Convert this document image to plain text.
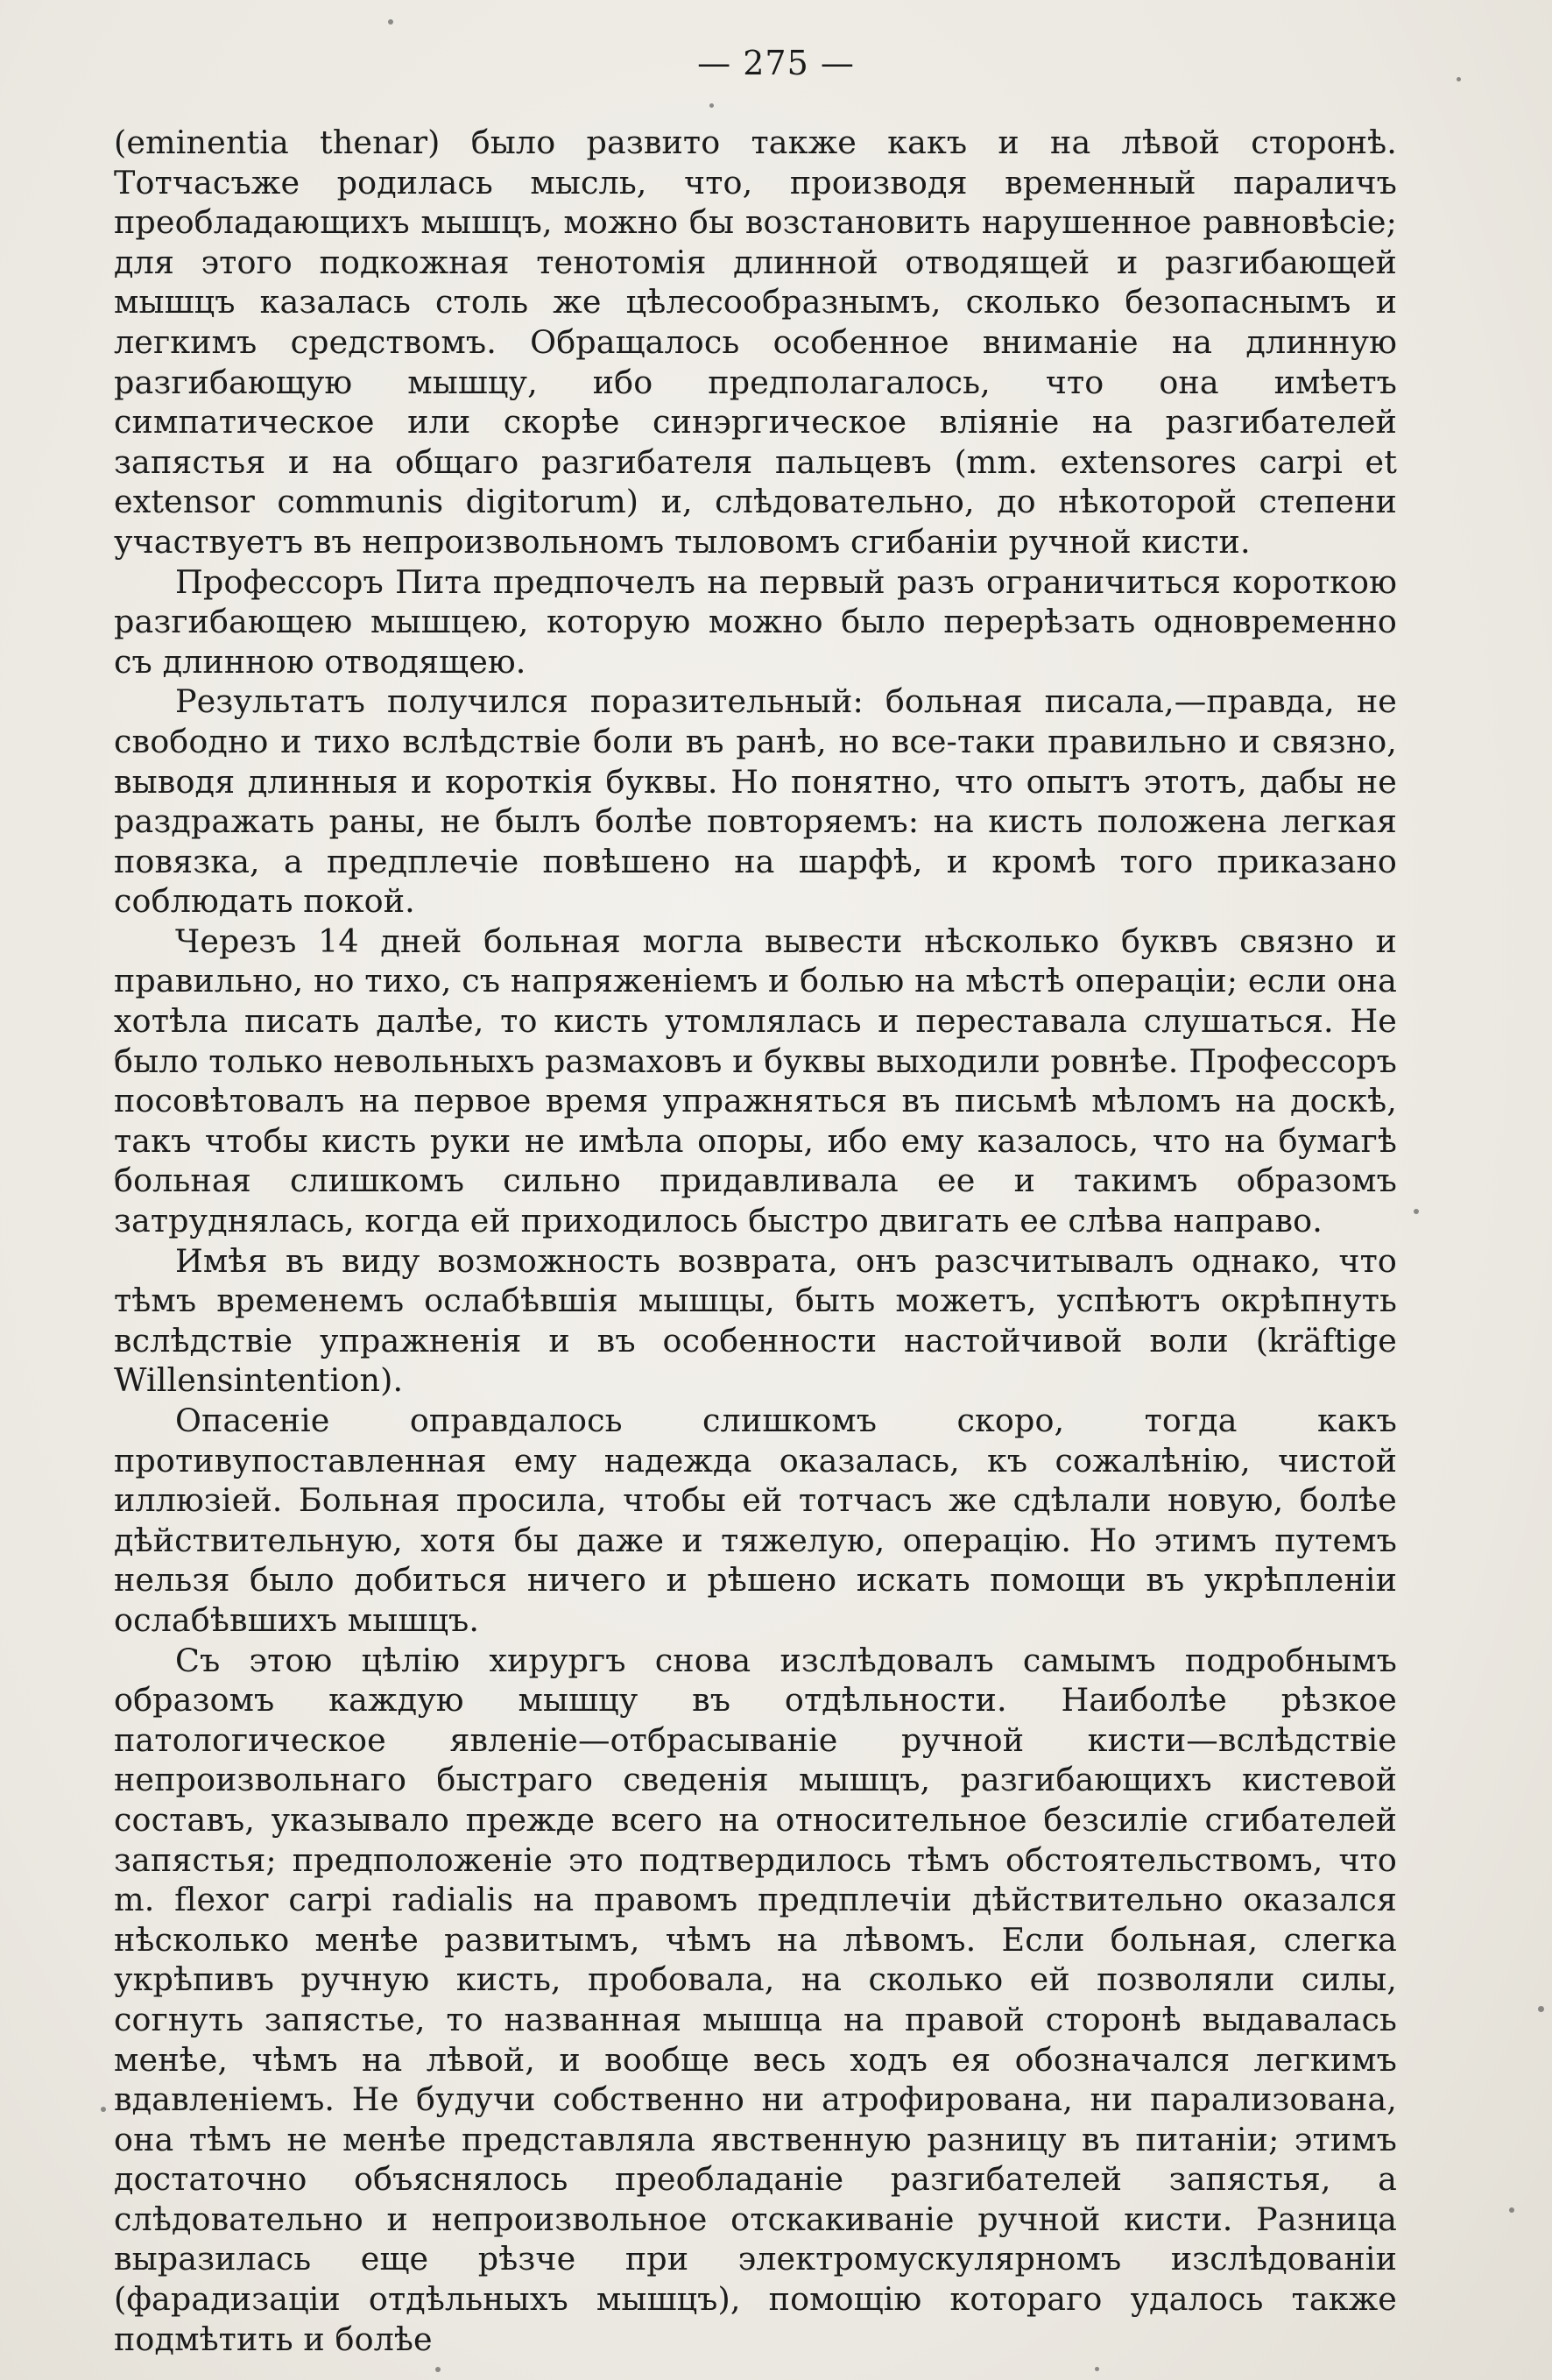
— 275 —

(eminentia thenar) было развито также какъ и на лѣвой сторонѣ. Тотчасъже родилась мысль, что, производя временный параличъ преобладающихъ мышцъ, можно бы возстановить нарушенное равновѣсіе; для этого подкожная тенотомія длинной отводящей и разгибающей мышцъ казалась столь же цѣлесообразнымъ, сколько безопаснымъ и легкимъ средствомъ. Обращалось особенное вниманіе на длинную разгибающую мышцу, ибо предполагалось, что она имѣетъ симпатическое или скорѣе синэргическое вліяніе на разгибателей запястья и на общаго разгибателя пальцевъ (mm. extensores carpi et extensor communis digitorum) и, слѣдовательно, до нѣкоторой степени участвуетъ въ непроизвольномъ тыловомъ сгибаніи ручной кисти.

Профессоръ Пита предпочелъ на первый разъ ограничиться короткою разгибающею мышцею, которую можно было перерѣзать одновременно съ длинною отводящею.

Результатъ получился поразительный: больная писала,—правда, не свободно и тихо вслѣдствіе боли въ ранѣ, но все-таки правильно и связно, выводя длинныя и короткія буквы. Но понятно, что опытъ этотъ, дабы не раздражать раны, не былъ болѣе повторяемъ: на кисть положена легкая повязка, а предплечіе повѣшено на шарфѣ, и кромѣ того приказано соблюдать покой.

Черезъ 14 дней больная могла вывести нѣсколько буквъ связно и правильно, но тихо, съ напряженіемъ и болью на мѣстѣ операціи; если она хотѣла писать далѣе, то кисть утомлялась и переставала слушаться. Не было только невольныхъ размаховъ и буквы выходили ровнѣе. Профессоръ посовѣтовалъ на первое время упражняться въ письмѣ мѣломъ на доскѣ, такъ чтобы кисть руки не имѣла опоры, ибо ему казалось, что на бумагѣ больная слишкомъ сильно придавливала ее и такимъ образомъ затруднялась, когда ей приходилось быстро двигать ее слѣва направо.

Имѣя въ виду возможность возврата, онъ разсчитывалъ однако, что тѣмъ временемъ ослабѣвшія мышцы, быть можетъ, успѣютъ окрѣпнуть вслѣдствіе упражненія и въ особенности настойчивой воли (kräftige Willensintention).

Опасеніе оправдалось слишкомъ скоро, тогда какъ противупоставленная ему надежда оказалась, къ сожалѣнію, чистой иллюзіей. Больная просила, чтобы ей тотчасъ же сдѣлали новую, болѣе дѣйствительную, хотя бы даже и тяжелую, операцію. Но этимъ путемъ нельзя было добиться ничего и рѣшено искать помощи въ укрѣпленіи ослабѣвшихъ мышцъ.

Съ этою цѣлію хирургъ снова изслѣдовалъ самымъ подробнымъ образомъ каждую мышцу въ отдѣльности. Наиболѣе рѣзкое патологическое явленіе—отбрасываніе ручной кисти—вслѣдствіе непроизвольнаго быстраго сведенія мышцъ, разгибающихъ кистевой составъ, указывало прежде всего на относительное безсиліе сгибателей запястья; предположеніе это подтвердилось тѣмъ обстоятельствомъ, что m. flexor carpi radialis на правомъ предплечіи дѣйствительно оказался нѣсколько менѣе развитымъ, чѣмъ на лѣвомъ. Если больная, слегка укрѣпивъ ручную кисть, пробовала, на сколько ей позволяли силы, согнуть запястье, то названная мышца на правой сторонѣ выдавалась менѣе, чѣмъ на лѣвой, и вообще весь ходъ ея обозначался легкимъ вдавленіемъ. Не будучи собственно ни атрофирована, ни парализована, она тѣмъ не менѣе представляла явственную разницу въ питаніи; этимъ достаточно объяснялось преобладаніе разгибателей запястья, а слѣдовательно и непроизвольное отскакиваніе ручной кисти. Разница выразилась еще рѣзче при электромускулярномъ изслѣдованіи (фарадизаціи отдѣльныхъ мышцъ), помощію котораго удалось также подмѣтить и болѣе
